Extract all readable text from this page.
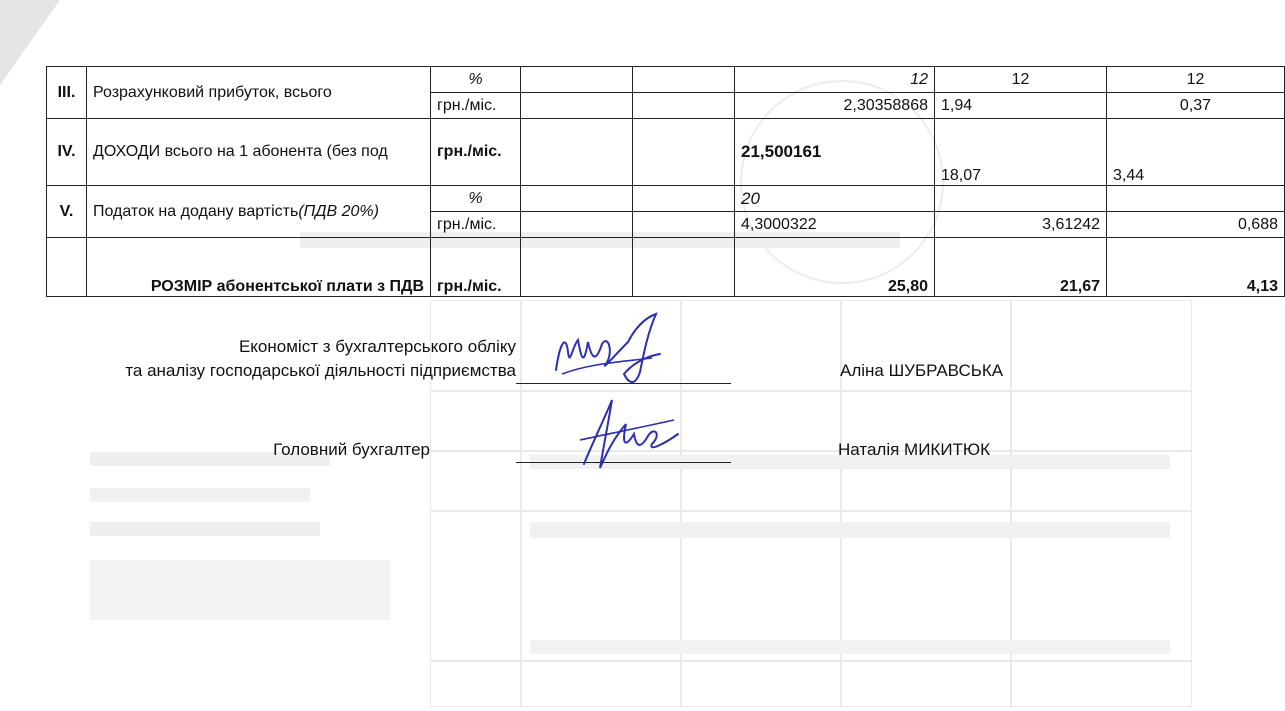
III.	Розрахунковий прибуток, всього	%			12	12	12
		грн./міс.			2,30358868	1,94	0,37
IV.	ДОХОДИ всього на 1 абонента (без под	грн./міс.			21,500161	18,07	3,44
V.	Податок на додану вартість(ПДВ 20%)	%			20		
		грн./міс.			4,3000322	3,61242	0,688
	РОЗМІР абонентської плати з ПДВ	грн./міс.			25,80	21,67	4,13
Економіст з бухгалтерського обліку
та аналізу господарської діяльності підприємства	Аліна ШУБРАВСЬКА
Головний бухгалтер	Наталія МИКИТЮК
